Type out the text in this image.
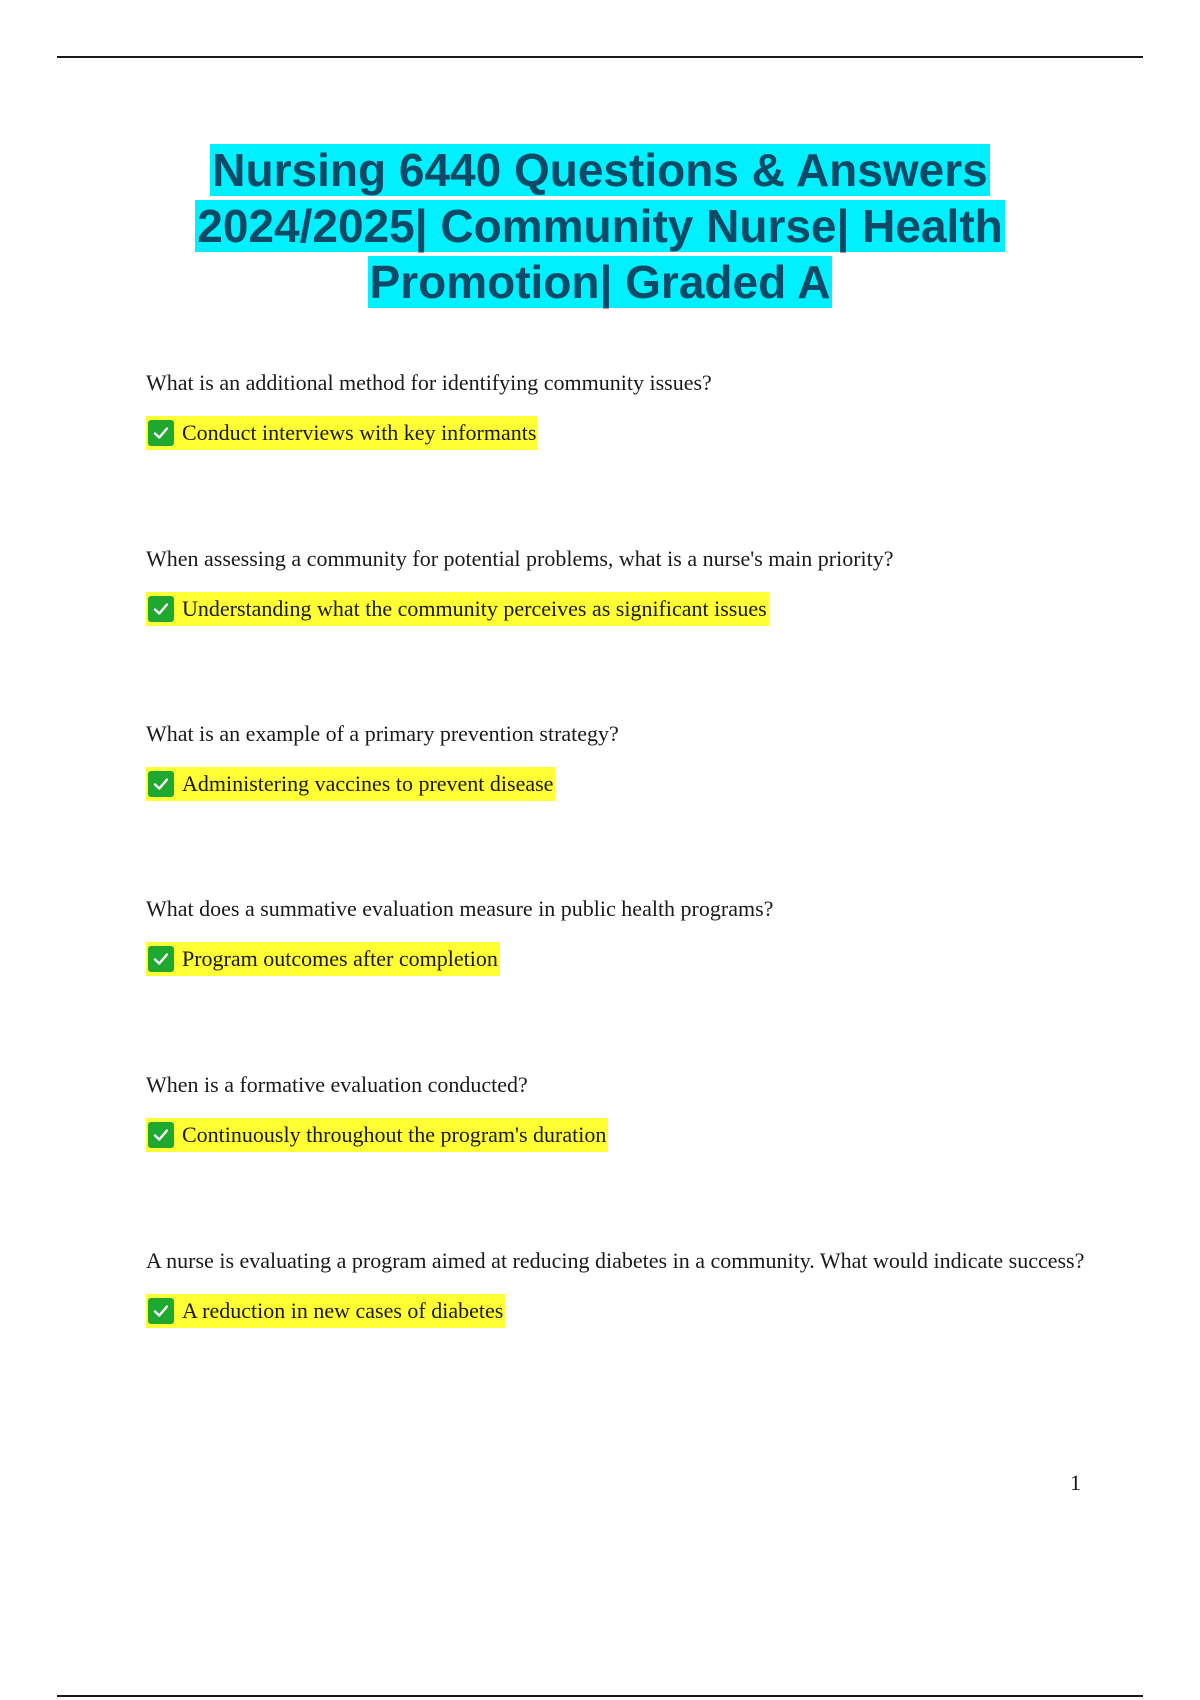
Nursing 6440 Questions & Answers
2024/2025| Community Nurse| Health
Promotion| Graded A

What is an additional method for identifying community issues?

Conduct interviews with key informants

When assessing a community for potential problems, what is a nurse's main priority?

Understanding what the community perceives as significant issues

What is an example of a primary prevention strategy?

Administering vaccines to prevent disease

What does a summative evaluation measure in public health programs?

Program outcomes after completion

When is a formative evaluation conducted?

Continuously throughout the program's duration

A nurse is evaluating a program aimed at reducing diabetes in a community. What would indicate success?

A reduction in new cases of diabetes
1
